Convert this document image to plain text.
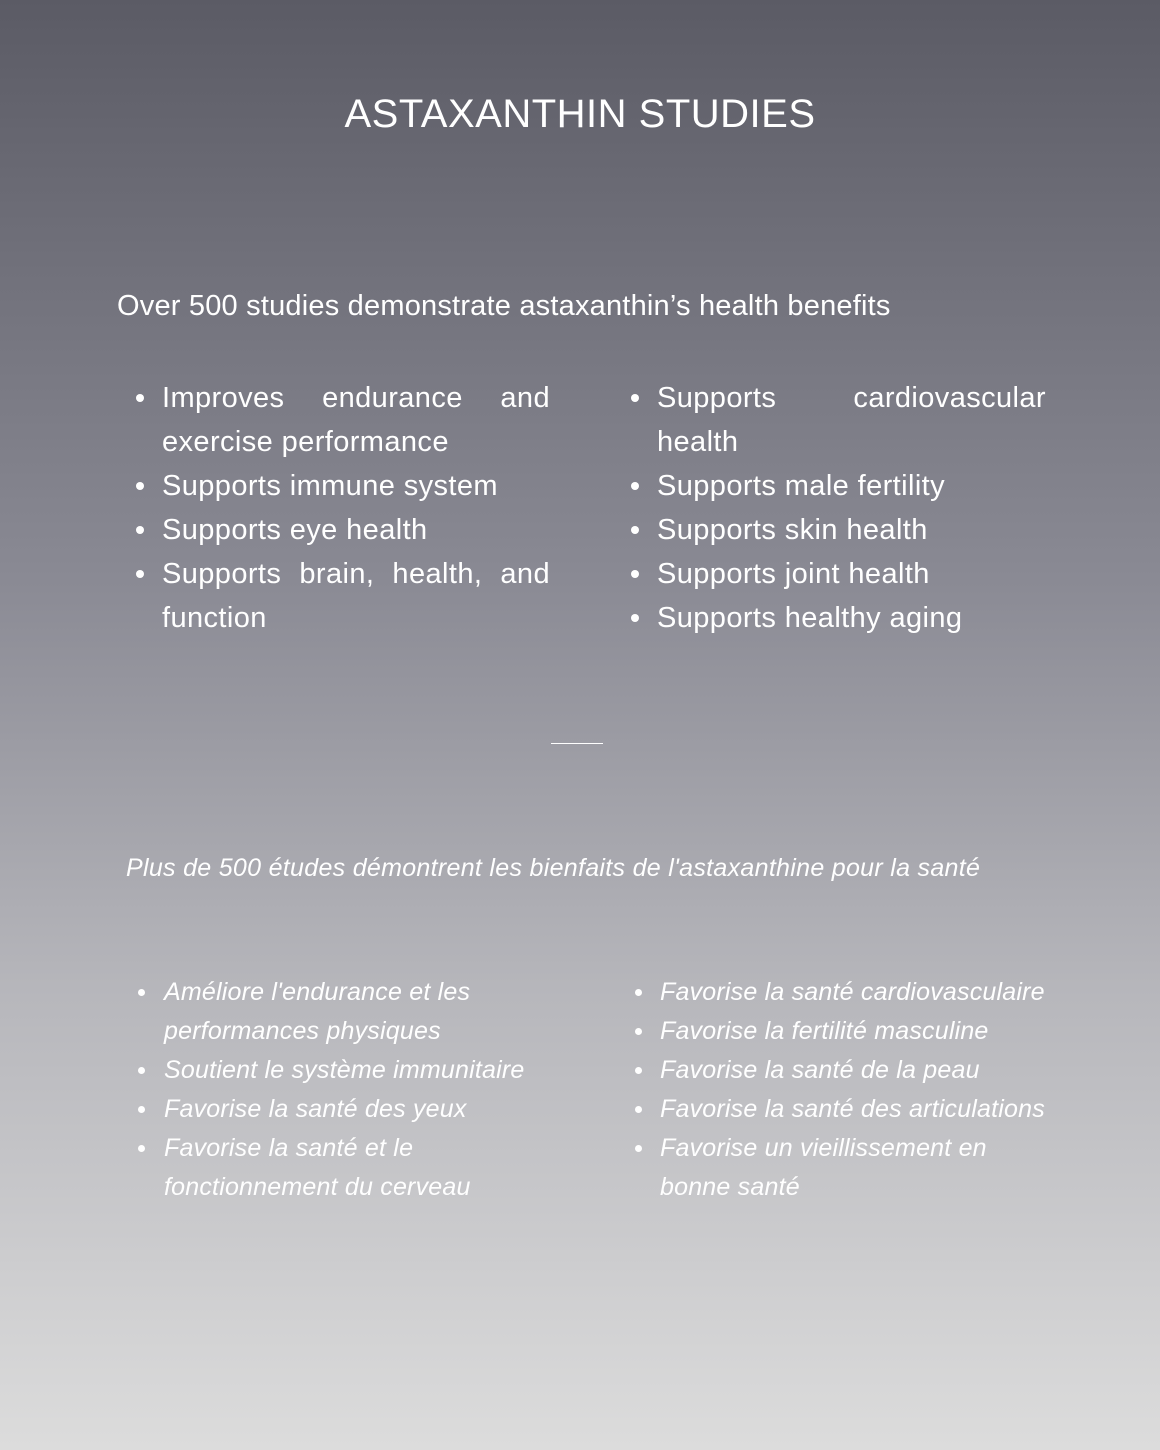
ASTAXANTHIN STUDIES

Over 500 studies demonstrate astaxanthin’s health benefits

Improves endurance and exercise performance
Supports immune system
Supports eye health
Supports brain, health, and function
Supports cardiovascular health
Supports male fertility
Supports skin health
Supports joint health
Supports healthy aging

Plus de 500 études démontrent les bienfaits de l'astaxanthine pour la santé

Améliore l'endurance et les performances physiques
Soutient le système immunitaire
Favorise la santé des yeux
Favorise la santé et le fonctionnement du cerveau
Favorise la santé cardiovasculaire
Favorise la fertilité masculine
Favorise la santé de la peau
Favorise la santé des articulations
Favorise un vieillissement en bonne santé
